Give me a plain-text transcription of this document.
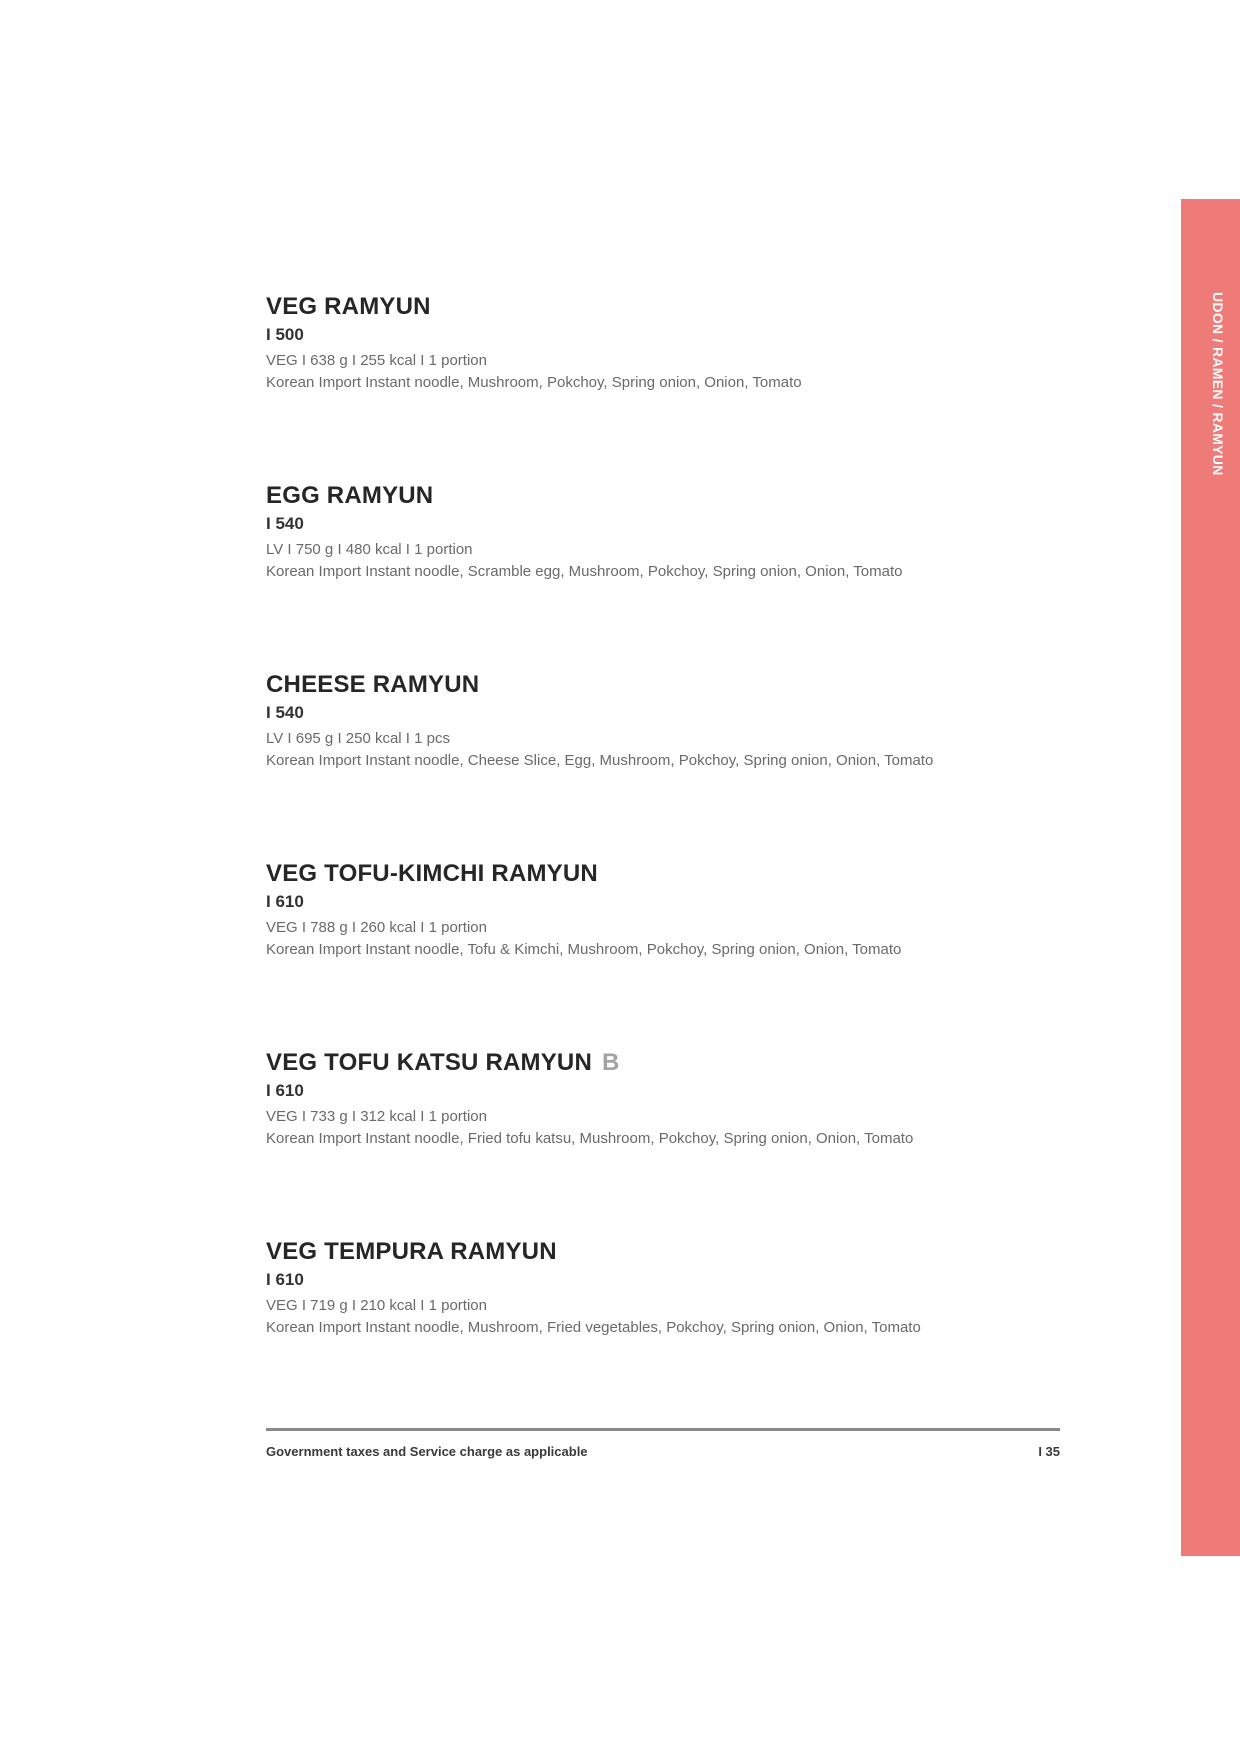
UDON / RAMEN / RAMYUN
VEG RAMYUN
I 500
VEG I 638 g I 255 kcal I 1 portion
Korean Import Instant noodle, Mushroom, Pokchoy, Spring onion, Onion, Tomato
EGG RAMYUN
I 540
LV I 750 g I 480 kcal I 1 portion
Korean Import Instant noodle, Scramble egg, Mushroom, Pokchoy, Spring onion, Onion, Tomato
CHEESE RAMYUN
I 540
LV I 695 g I 250 kcal I 1 pcs
Korean Import Instant noodle, Cheese Slice, Egg, Mushroom, Pokchoy, Spring onion, Onion, Tomato
VEG TOFU-KIMCHI RAMYUN
I 610
VEG I 788 g I 260 kcal I 1 portion
Korean Import Instant noodle, Tofu & Kimchi, Mushroom, Pokchoy, Spring onion, Onion, Tomato
VEG TOFU KATSU RAMYUN B
I 610
VEG I 733 g I 312 kcal I 1 portion
Korean Import Instant noodle, Fried tofu katsu, Mushroom, Pokchoy, Spring onion, Onion, Tomato
VEG TEMPURA RAMYUN
I 610
VEG I 719 g I 210 kcal I 1 portion
Korean Import Instant noodle, Mushroom, Fried vegetables, Pokchoy, Spring onion, Onion, Tomato
Government taxes and Service charge as applicable	I 35
